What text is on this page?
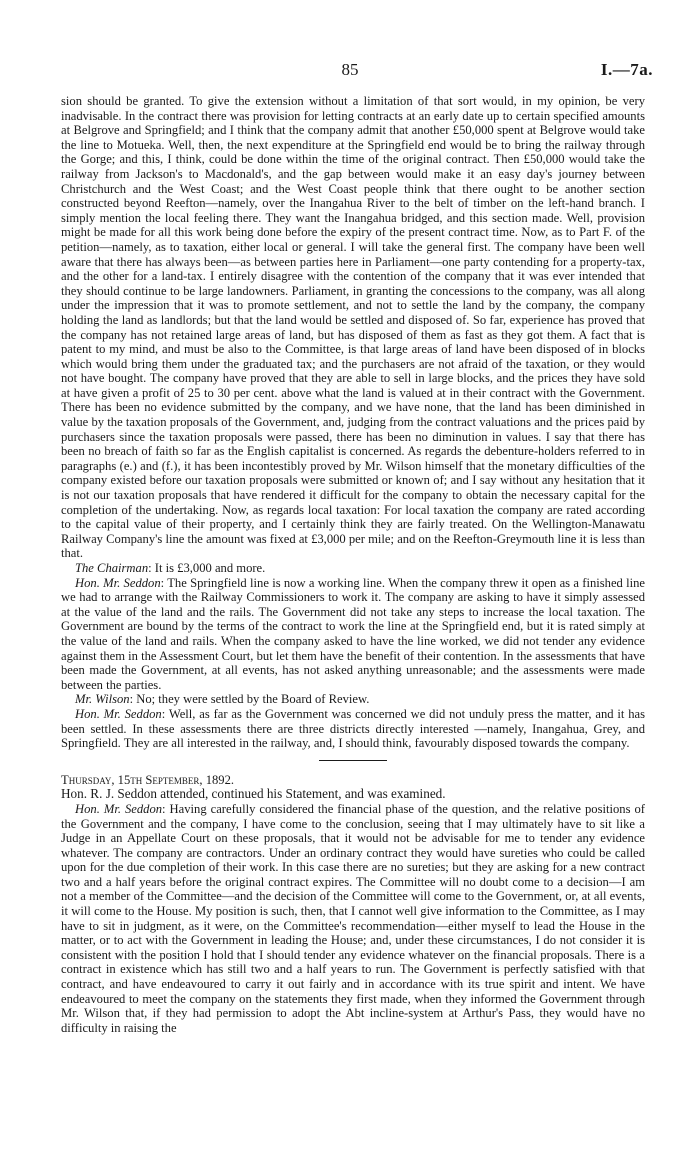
85	I.—7a.

sion should be granted. To give the extension without a limitation of that sort would, in my opinion, be very inadvisable. In the contract there was provision for letting contracts at an early date up to certain specified amounts at Belgrove and Springfield; and I think that the company admit that another £50,000 spent at Belgrove would take the line to Motueka. Well, then, the next expenditure at the Springfield end would be to bring the railway through the Gorge; and this, I think, could be done within the time of the original contract. Then £50,000 would take the railway from Jackson's to Macdonald's, and the gap between would make it an easy day's journey between Christchurch and the West Coast; and the West Coast people think that there ought to be another section constructed beyond Reefton—namely, over the Inangahua River to the belt of timber on the left-hand branch. I simply mention the local feeling there. They want the Inangahua bridged, and this section made. Well, provision might be made for all this work being done before the expiry of the present contract time. Now, as to Part F. of the petition—namely, as to taxation, either local or general. I will take the general first. The company have been well aware that there has always been—as between parties here in Parliament—one party contending for a property-tax, and the other for a land-tax. I entirely disagree with the contention of the company that it was ever intended that they should continue to be large landowners. Parliament, in granting the concessions to the company, was all along under the impression that it was to promote settlement, and not to settle the land by the company, the company holding the land as landlords; but that the land would be settled and disposed of. So far, experience has proved that the company has not retained large areas of land, but has disposed of them as fast as they got them. A fact that is patent to my mind, and must be also to the Committee, is that large areas of land have been disposed of in blocks which would bring them under the graduated tax; and the purchasers are not afraid of the taxation, or they would not have bought. The company have proved that they are able to sell in large blocks, and the prices they have sold at have given a profit of 25 to 30 per cent. above what the land is valued at in their contract with the Government. There has been no evidence submitted by the company, and we have none, that the land has been diminished in value by the taxation proposals of the Government, and, judging from the contract valuations and the prices paid by purchasers since the taxation proposals were passed, there has been no diminution in values. I say that there has been no breach of faith so far as the English capitalist is concerned. As regards the debenture-holders referred to in paragraphs (e.) and (f.), it has been incontestibly proved by Mr. Wilson himself that the monetary difficulties of the company existed before our taxation proposals were submitted or known of; and I say without any hesitation that it is not our taxation proposals that have rendered it difficult for the company to obtain the necessary capital for the completion of the undertaking. Now, as regards local taxation: For local taxation the company are rated according to the capital value of their property, and I certainly think they are fairly treated. On the Wellington-Manawatu Railway Company's line the amount was fixed at £3,000 per mile; and on the Reefton-Greymouth line it is less than that.

The Chairman: It is £3,000 and more.

Hon. Mr. Seddon: The Springfield line is now a working line. When the company threw it open as a finished line we had to arrange with the Railway Commissioners to work it. The company are asking to have it simply assessed at the value of the land and the rails. The Government did not take any steps to increase the local taxation. The Government are bound by the terms of the contract to work the line at the Springfield end, but it is rated simply at the value of the land and rails. When the company asked to have the line worked, we did not tender any evidence against them in the Assessment Court, but let them have the benefit of their contention. In the assessments that have been made the Government, at all events, has not asked anything unreasonable; and the assessments were made between the parties.

Mr. Wilson: No; they were settled by the Board of Review.

Hon. Mr. Seddon: Well, as far as the Government was concerned we did not unduly press the matter, and it has been settled. In these assessments there are three districts directly interested —namely, Inangahua, Grey, and Springfield. They are all interested in the railway, and, I should think, favourably disposed towards the company.

Thursday, 15th September, 1892.

Hon. R. J. Seddon attended, continued his Statement, and was examined.

Hon. Mr. Seddon: Having carefully considered the financial phase of the question, and the relative positions of the Government and the company, I have come to the conclusion, seeing that I may ultimately have to sit like a Judge in an Appellate Court on these proposals, that it would not be advisable for me to tender any evidence whatever. The company are contractors. Under an ordinary contract they would have sureties who could be called upon for the due completion of their work. In this case there are no sureties; but they are asking for a new contract two and a half years before the original contract expires. The Committee will no doubt come to a decision—I am not a member of the Committee—and the decision of the Committee will come to the Government, or, at all events, it will come to the House. My position is such, then, that I cannot well give information to the Committee, as I may have to sit in judgment, as it were, on the Committee's recommendation—either myself to lead the House in the matter, or to act with the Government in leading the House; and, under these circumstances, I do not consider it is consistent with the position I hold that I should tender any evidence whatever on the financial proposals. There is a contract in existence which has still two and a half years to run. The Government is perfectly satisfied with that contract, and have endeavoured to carry it out fairly and in accordance with its true spirit and intent. We have endeavoured to meet the company on the statements they first made, when they informed the Government through Mr. Wilson that, if they had permission to adopt the Abt incline-system at Arthur's Pass, they would have no difficulty in raising the
